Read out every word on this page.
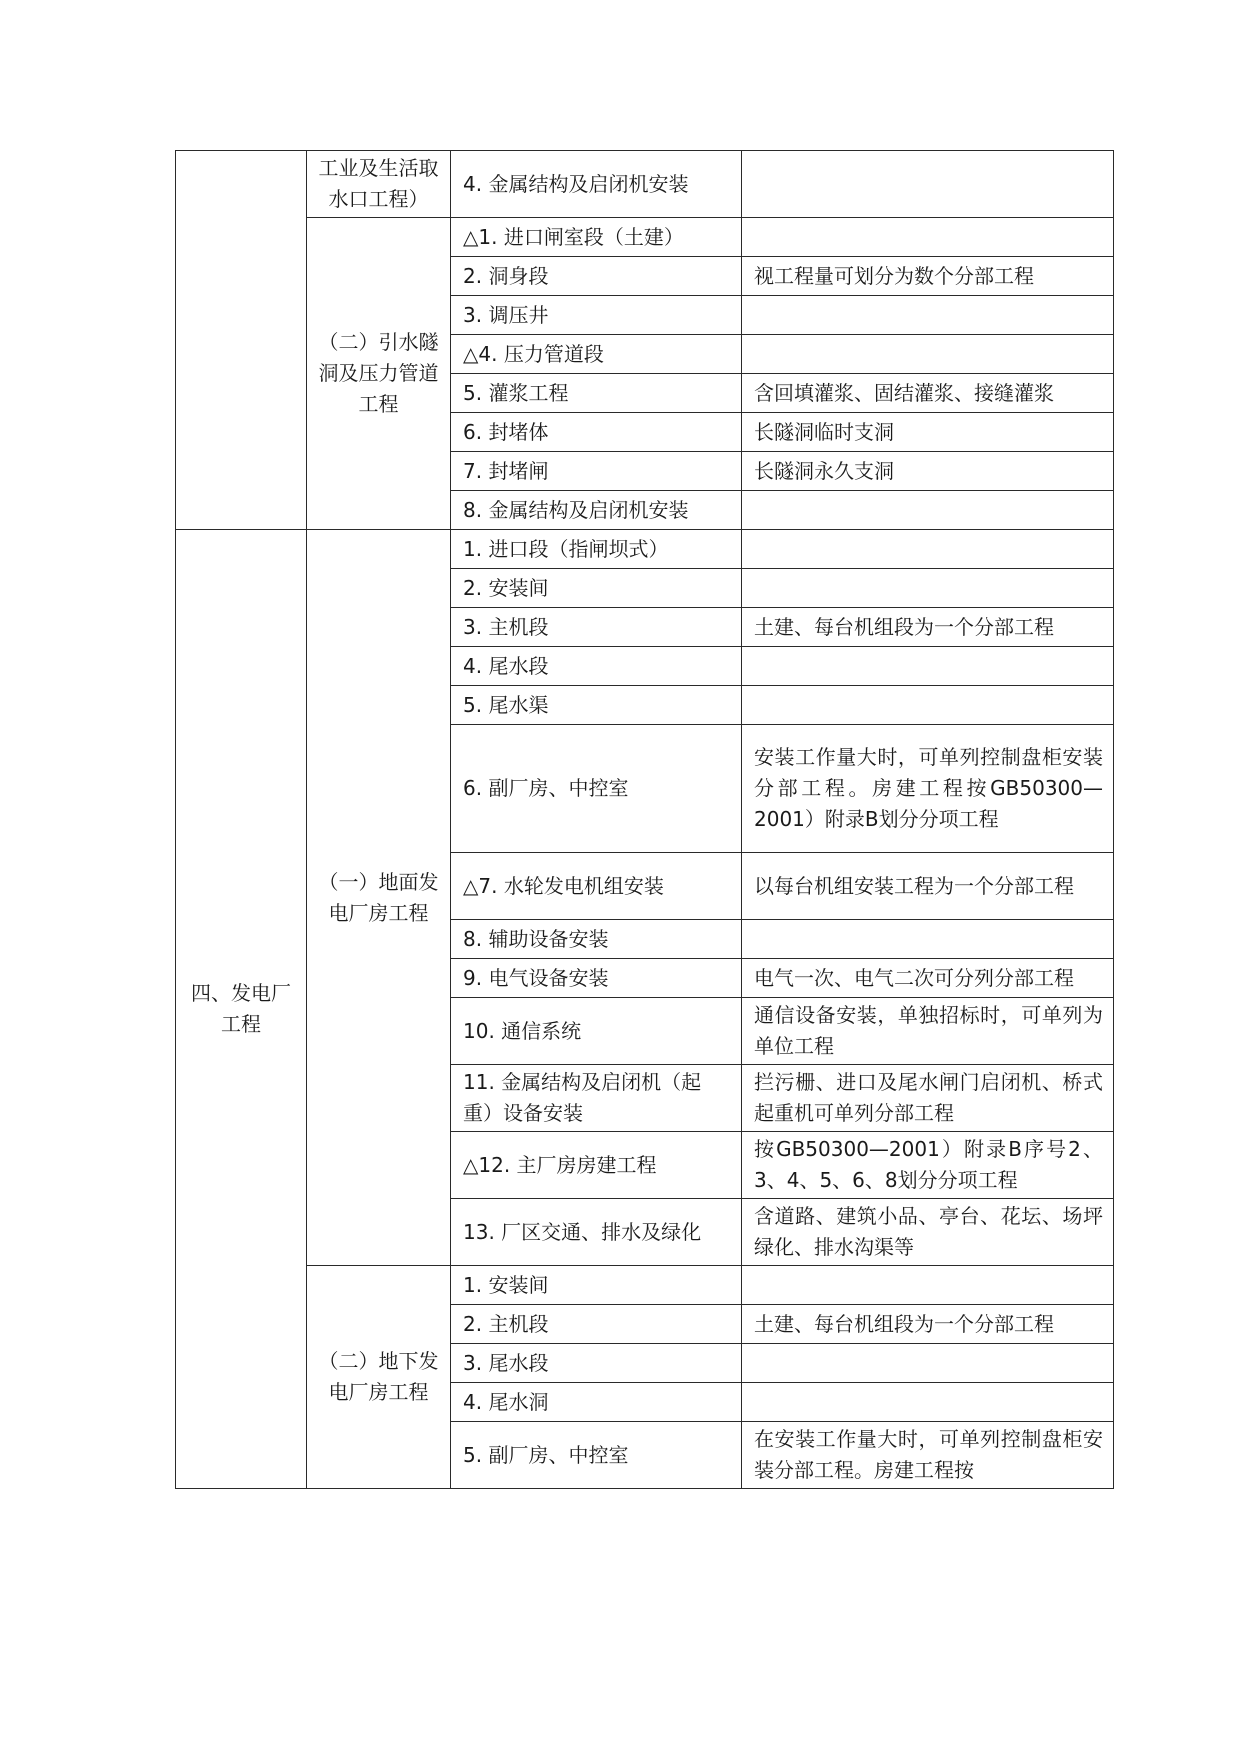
	工业及生活取水口工程）	4. 金属结构及启闭机安装	
	（二）引水隧洞及压力管道工程	△1. 进口闸室段（土建）	
		2. 洞身段	视工程量可划分为数个分部工程
		3. 调压井	
		△4. 压力管道段	
		5. 灌浆工程	含回填灌浆、固结灌浆、接缝灌浆
		6. 封堵体	长隧洞临时支洞
		7. 封堵闸	长隧洞永久支洞
		8. 金属结构及启闭机安装	
四、发电厂工程	（一）地面发电厂房工程	1. 进口段（指闸坝式）	
		2. 安装间	
		3. 主机段	土建、每台机组段为一个分部工程
		4. 尾水段	
		5. 尾水渠	
		6. 副厂房、中控室	安装工作量大时，可单列控制盘柜安装分部工程。房建工程按GB50300—2001）附录B划分分项工程
		△7. 水轮发电机组安装	以每台机组安装工程为一个分部工程
		8. 辅助设备安装	
		9. 电气设备安装	电气一次、电气二次可分列分部工程
		10. 通信系统	通信设备安装，单独招标时，可单列为单位工程
		11. 金属结构及启闭机（起重）设备安装	拦污栅、进口及尾水闸门启闭机、桥式起重机可单列分部工程
		△12. 主厂房房建工程	按GB50300—2001）附录B序号2、3、4、5、6、8划分分项工程
		13. 厂区交通、排水及绿化	含道路、建筑小品、亭台、花坛、场坪绿化、排水沟渠等
	（二）地下发电厂房工程	1. 安装间	
		2. 主机段	土建、每台机组段为一个分部工程
		3. 尾水段	
		4. 尾水洞	
		5. 副厂房、中控室	在安装工作量大时，可单列控制盘柜安装分部工程。房建工程按
